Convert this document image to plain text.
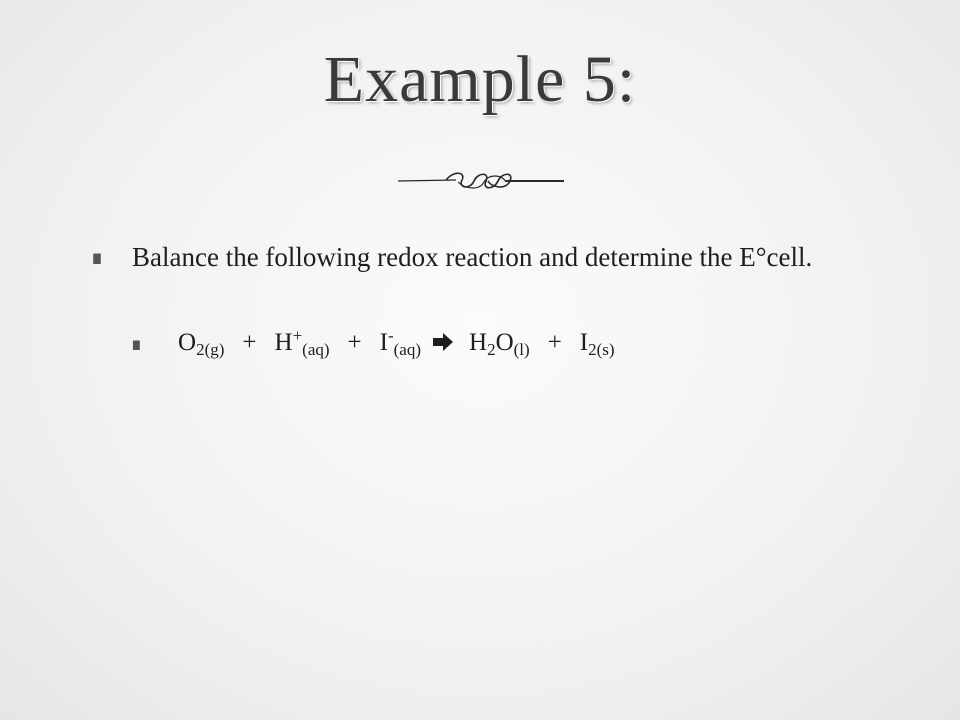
Example 5:
∎	Balance the following redox reaction and determine the E°cell.
∎	$O_{2(g)} + H^+_{(aq)} + I^-_{(aq)} \to H_2O_{(l)} + I_{2(s)}$
